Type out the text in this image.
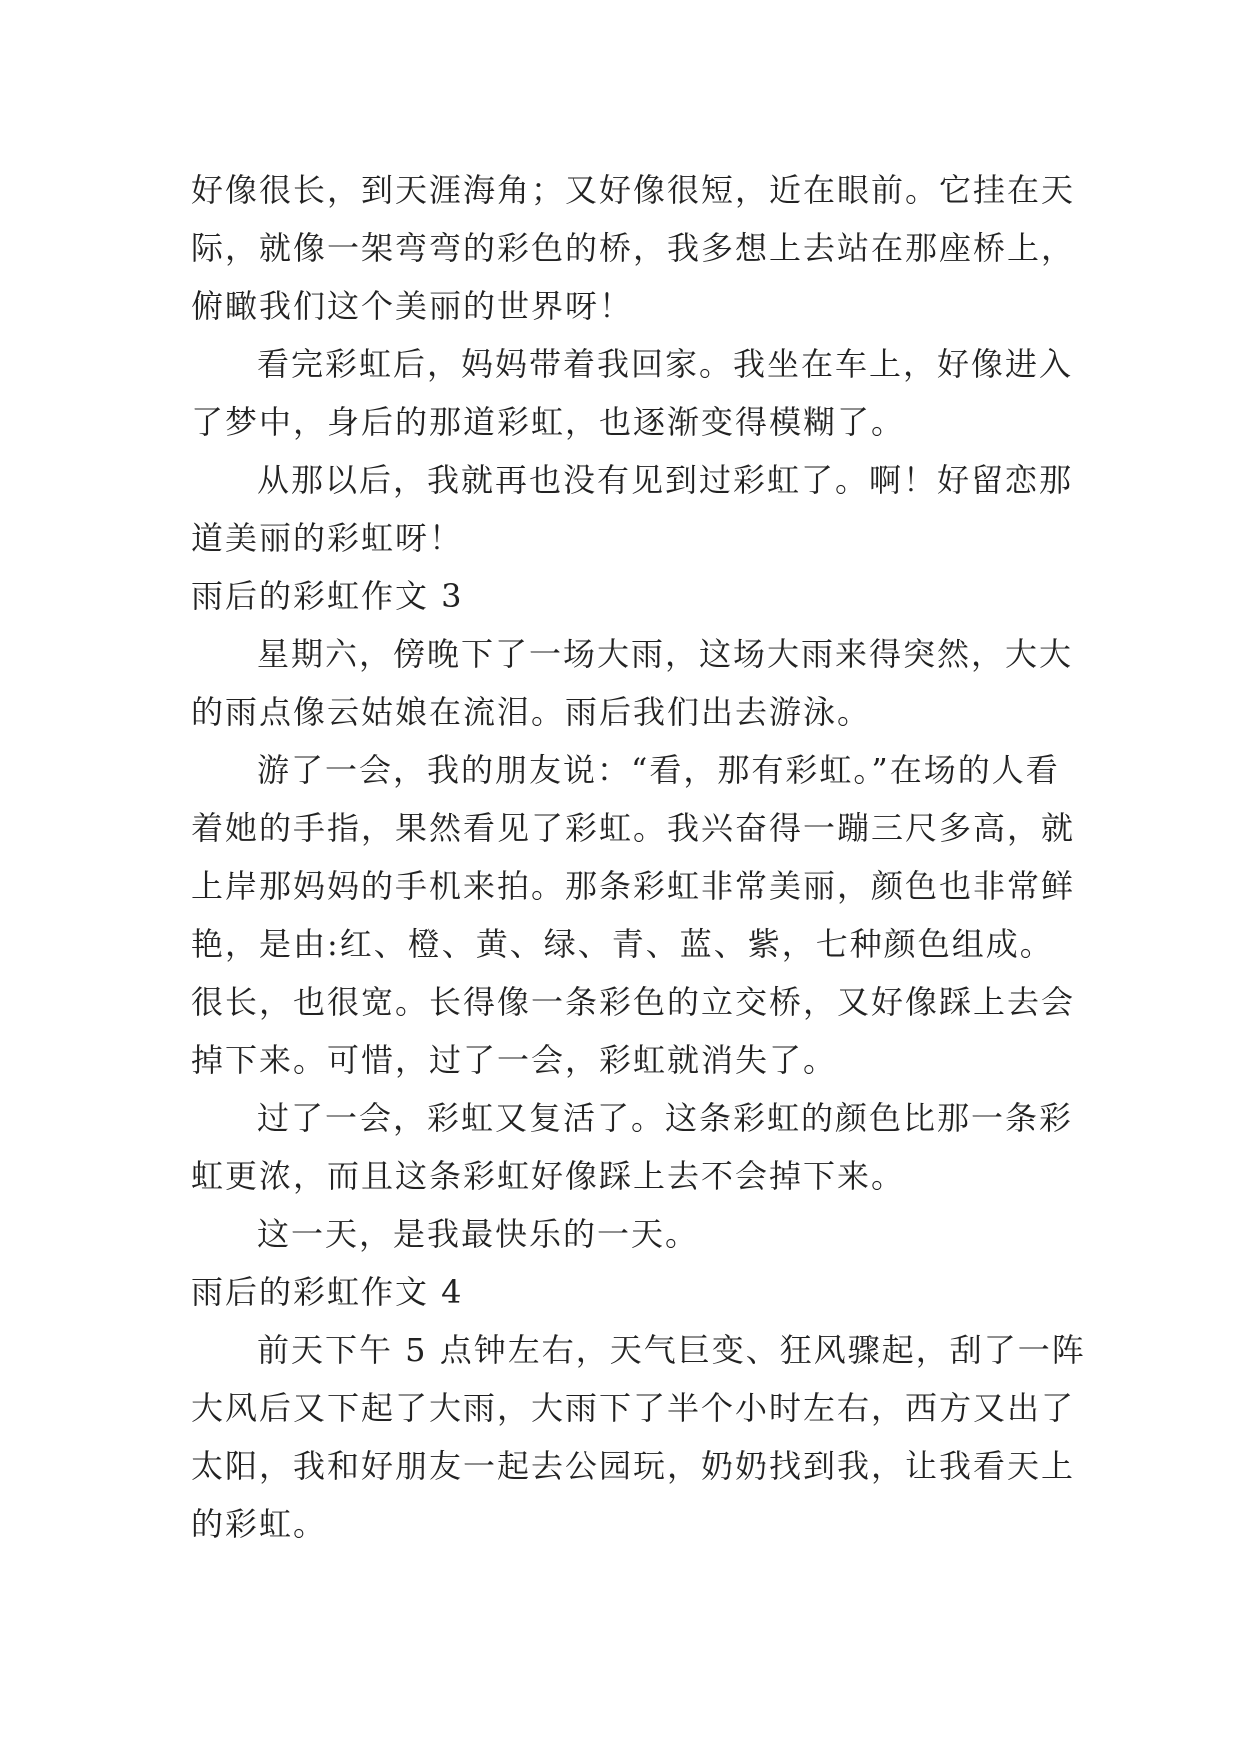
好像很长，到天涯海角；又好像很短，近在眼前。它挂在天
际，就像一架弯弯的彩色的桥，我多想上去站在那座桥上，
俯瞰我们这个美丽的世界呀！
看完彩虹后，妈妈带着我回家。我坐在车上，好像进入
了梦中，身后的那道彩虹，也逐渐变得模糊了。
从那以后，我就再也没有见到过彩虹了。啊！好留恋那
道美丽的彩虹呀！
雨后的彩虹作文 3
星期六，傍晚下了一场大雨，这场大雨来得突然，大大
的雨点像云姑娘在流泪。雨后我们出去游泳。
游了一会，我的朋友说：“看，那有彩虹。”在场的人看
着她的手指，果然看见了彩虹。我兴奋得一蹦三尺多高，就
上岸那妈妈的手机来拍。那条彩虹非常美丽，颜色也非常鲜
艳，是由:红、橙、黄、绿、青、蓝、紫，七种颜色组成。
很长，也很宽。长得像一条彩色的立交桥，又好像踩上去会
掉下来。可惜，过了一会，彩虹就消失了。
过了一会，彩虹又复活了。这条彩虹的颜色比那一条彩
虹更浓，而且这条彩虹好像踩上去不会掉下来。
这一天，是我最快乐的一天。
雨后的彩虹作文 4
前天下午 5 点钟左右，天气巨变、狂风骤起，刮了一阵
大风后又下起了大雨，大雨下了半个小时左右，西方又出了
太阳，我和好朋友一起去公园玩，奶奶找到我，让我看天上
的彩虹。
